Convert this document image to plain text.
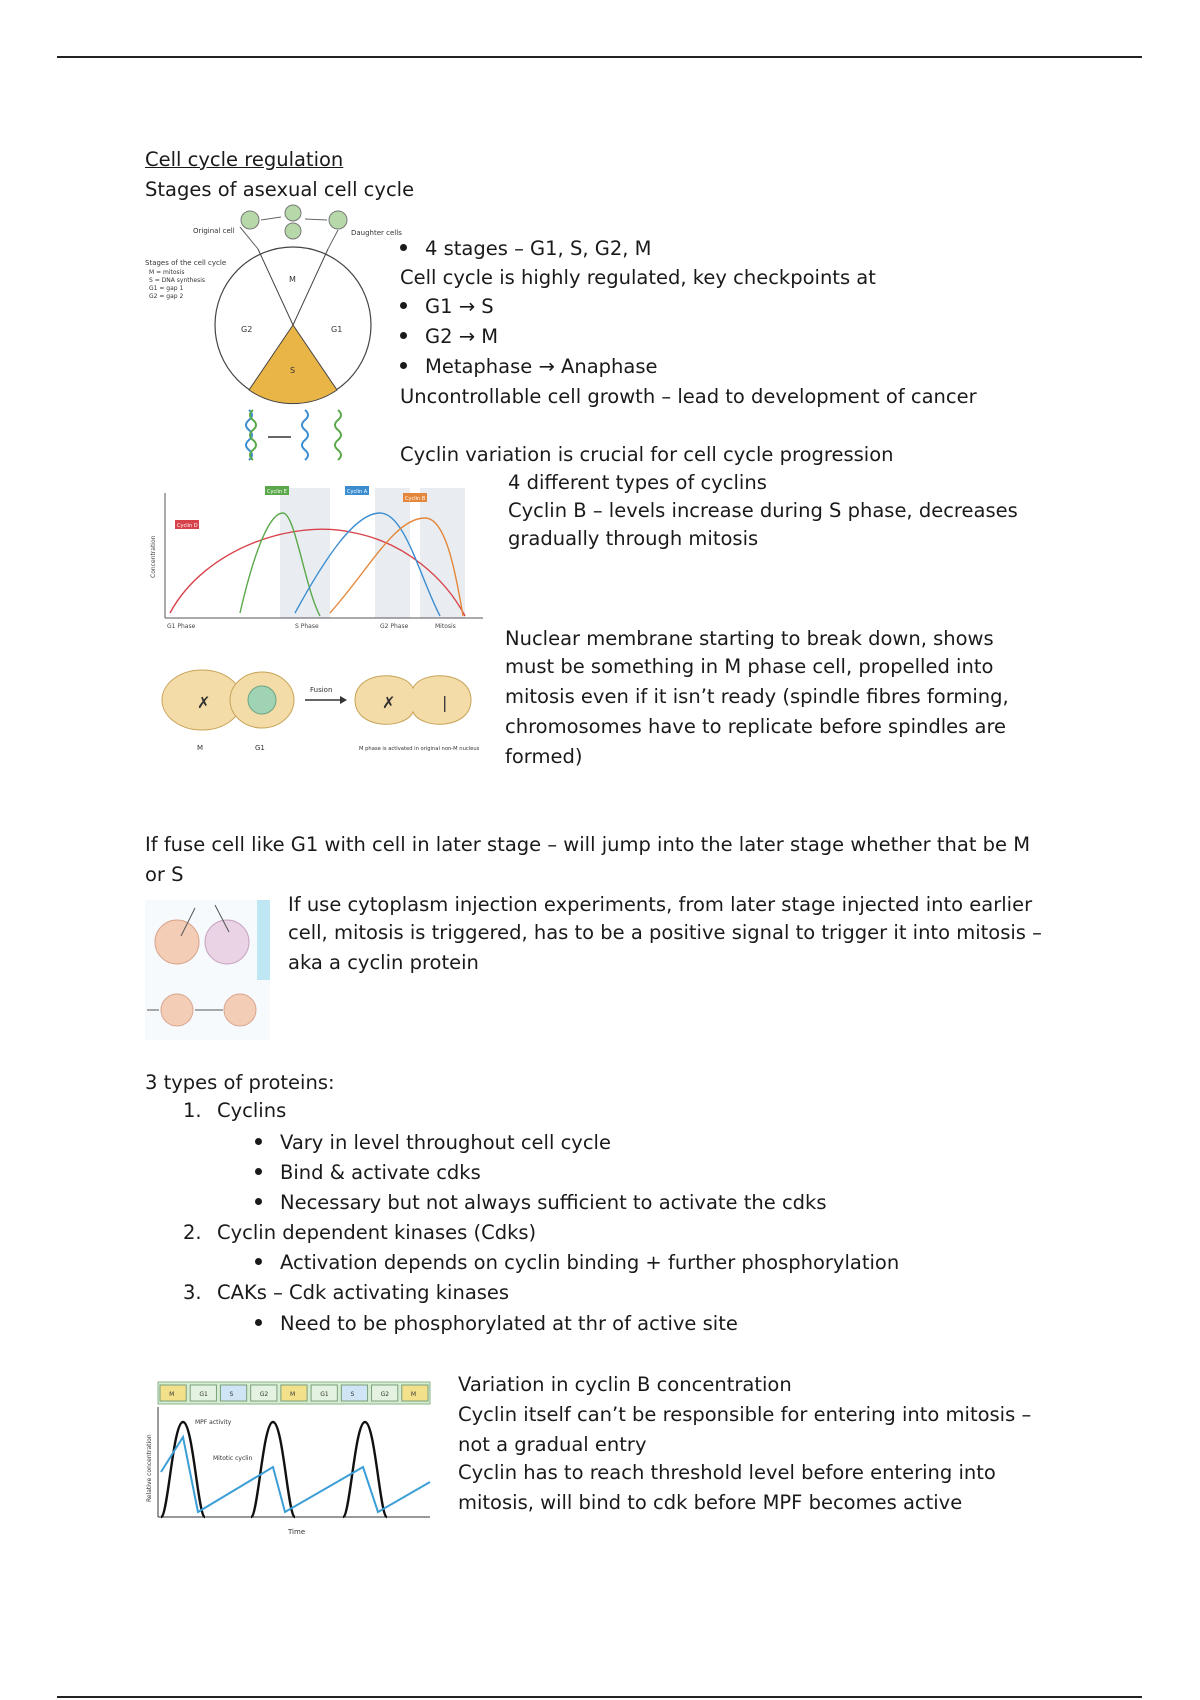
Cell cycle regulation
Stages of asexual cell cycle
Original cell	Daughter cells
Stages of the cell cycle
M = mitosis
S = DNA synthesis
G1 = gap 1
G2 = gap 2
M
G1
G2
S
4 stages – G1, S, G2, M
Cell cycle is highly regulated, key checkpoints at
G1 → S
G2 → M
Metaphase → Anaphase
Uncontrollable cell growth – lead to development of cancer
Cyclin variation is crucial for cell cycle progression
Concentration
Cyclin D
Cyclin E	Cyclin A
Cyclin B
G1 Phase	S Phase	G2 Phase	Mitosis
4 different types of cyclins
Cyclin B – levels increase during S phase, decreases
gradually through mitosis
✗
Fusion
✗	❘
M	G1	M phase is activated in original non-M nucleus
Nuclear membrane starting to break down, shows
must be something in M phase cell, propelled into
mitosis even if it isn’t ready (spindle fibres forming,
chromosomes have to replicate before spindles are
formed)
If fuse cell like G1 with cell in later stage – will jump into the later stage whether that be M
or S
If use cytoplasm injection experiments, from later stage injected into earlier
cell, mitosis is triggered, has to be a positive signal to trigger it into mitosis –
aka a cyclin protein
3 types of proteins:
1. Cyclins
Vary in level throughout cell cycle
Bind & activate cdks
Necessary but not always sufficient to activate the cdks
2. Cyclin dependent kinases (Cdks)
Activation depends on cyclin binding + further phosphorylation
3. CAKs – Cdk activating kinases
Need to be phosphorylated at thr of active site
M	G1	S	G2	M	G1	S	G2	M
Relative concentration
Time
MPF activity
Mitotic cyclin
Variation in cyclin B concentration
Cyclin itself can’t be responsible for entering into mitosis –
not a gradual entry
Cyclin has to reach threshold level before entering into
mitosis, will bind to cdk before MPF becomes active
